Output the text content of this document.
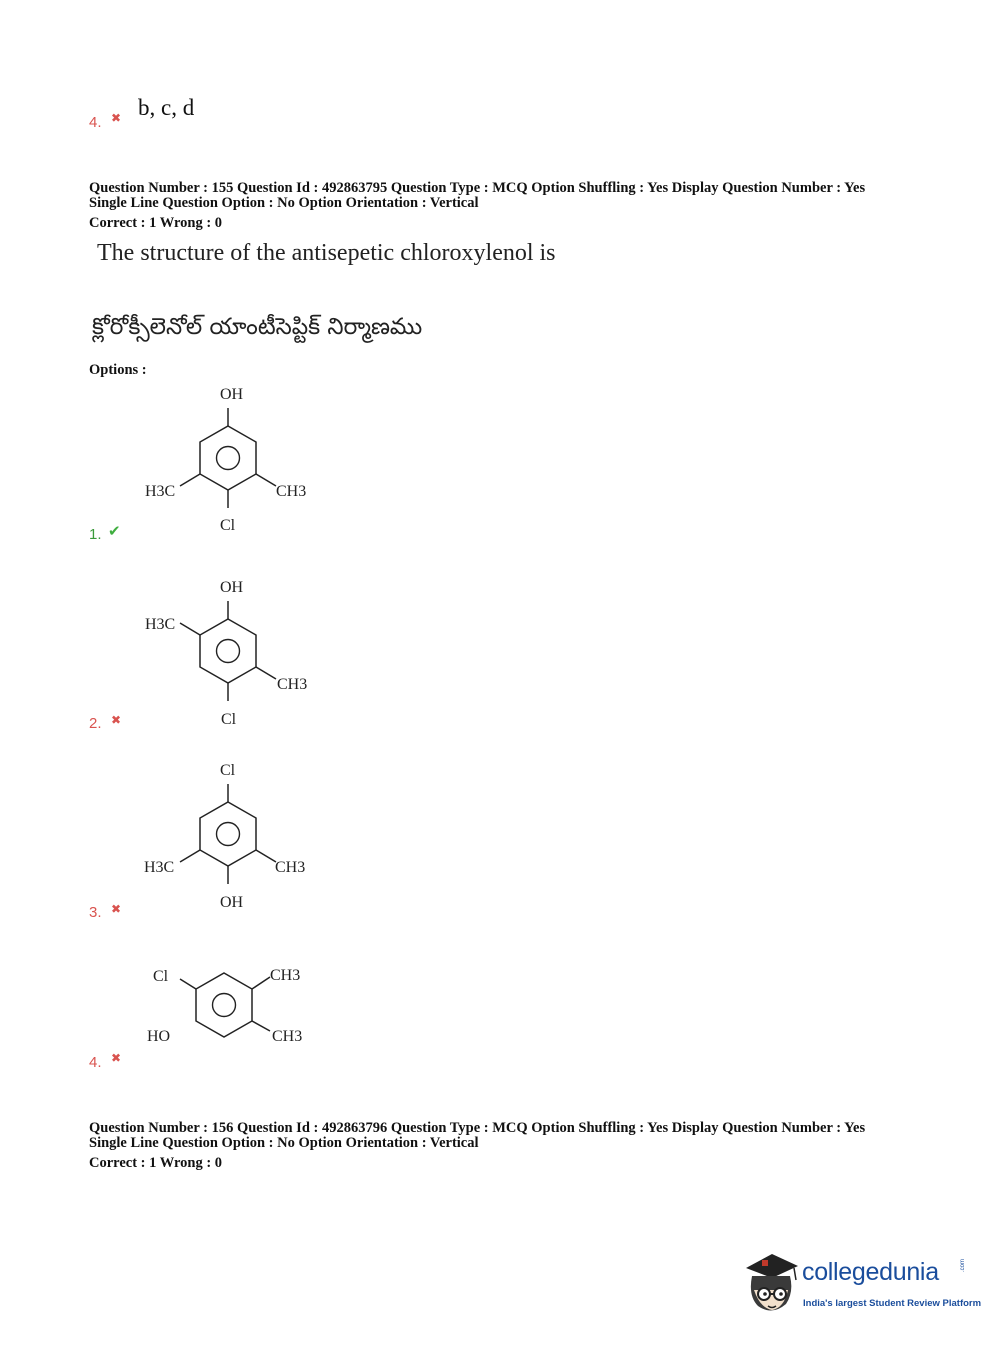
4. ✖ b, c, d
Question Number : 155 Question Id : 492863795 Question Type : MCQ Option Shuffling : Yes Display Question Number : Yes
Single Line Question Option : No Option Orientation : Vertical
Correct : 1 Wrong : 0
The structure of the antisepetic chloroxylenol is
క్లోరోక్సీలెనోల్ యాంటీసెప్టిక్ నిర్మాణము
Options :
OH
H3C	CH3
Cl
1. ✔
OH
H3C
CH3
Cl
2. ✖
Cl
H3C	CH3
OH
3. ✖
Cl	CH3
HO	CH3
4. ✖
Question Number : 156 Question Id : 492863796 Question Type : MCQ Option Shuffling : Yes Display Question Number : Yes
Single Line Question Option : No Option Orientation : Vertical
Correct : 1 Wrong : 0
collegedunia	.com
India's largest Student Review Platform
